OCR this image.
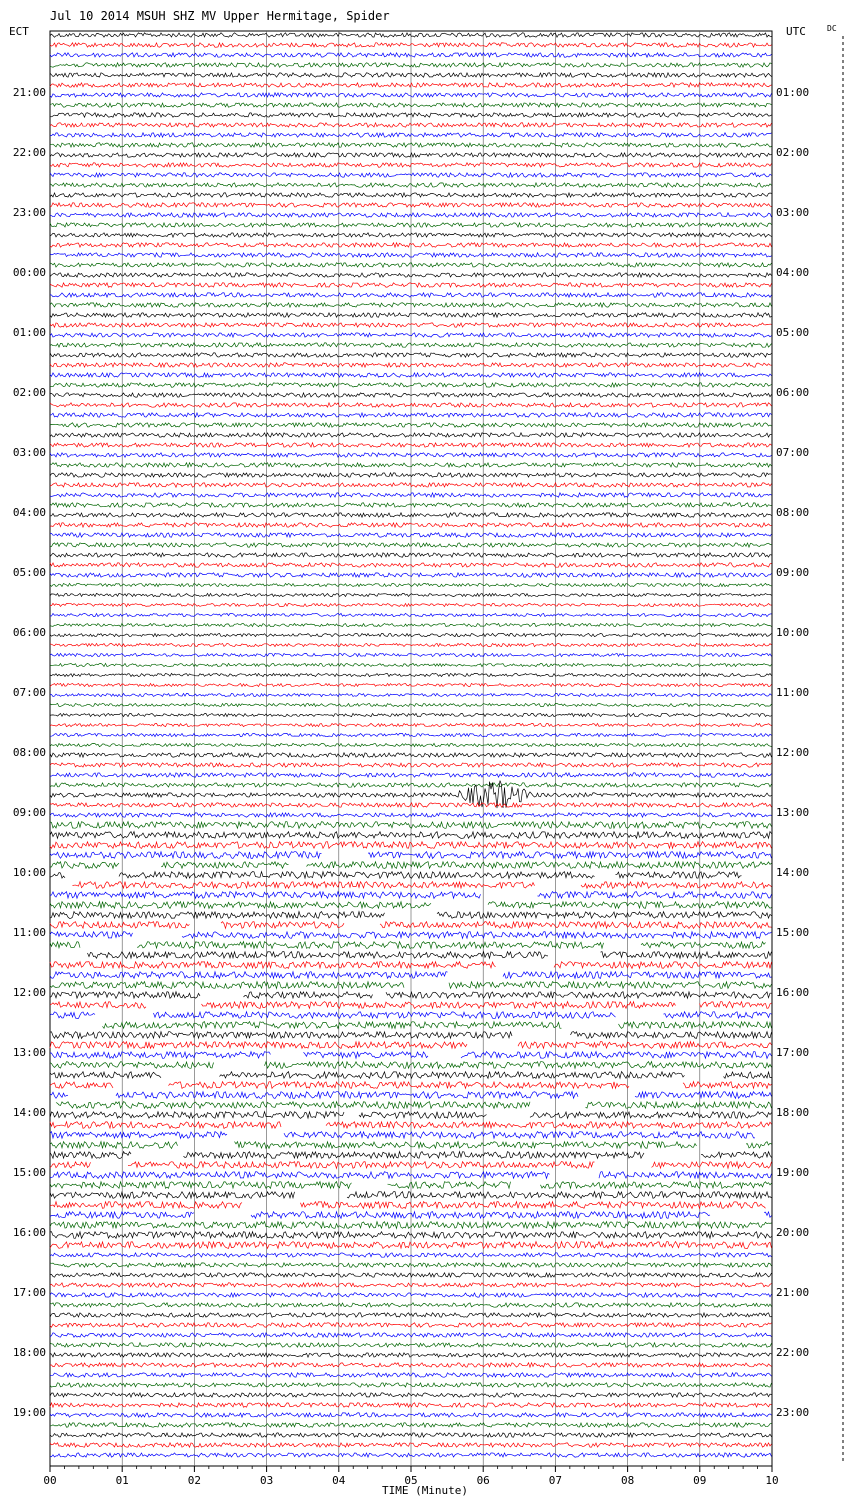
Jul 10 2014 MSUH SHZ MV Upper Hermitage, Spider
ECT	UTC	DC
21:00
22:00
23:00
00:00
01:00
02:00
03:00
04:00
05:00
06:00
07:00
08:00
09:00
10:00
11:00
12:00
13:00
14:00
15:00
16:00
17:00
18:00
19:00
01:00
02:00
03:00
04:00
05:00
06:00
07:00
08:00
09:00
10:00
11:00
12:00
13:00
14:00
15:00
16:00
17:00
18:00
19:00
20:00
21:00
22:00
23:00
00	01	02	03	04	05	06	07	08	09	10
TIME (Minute)
